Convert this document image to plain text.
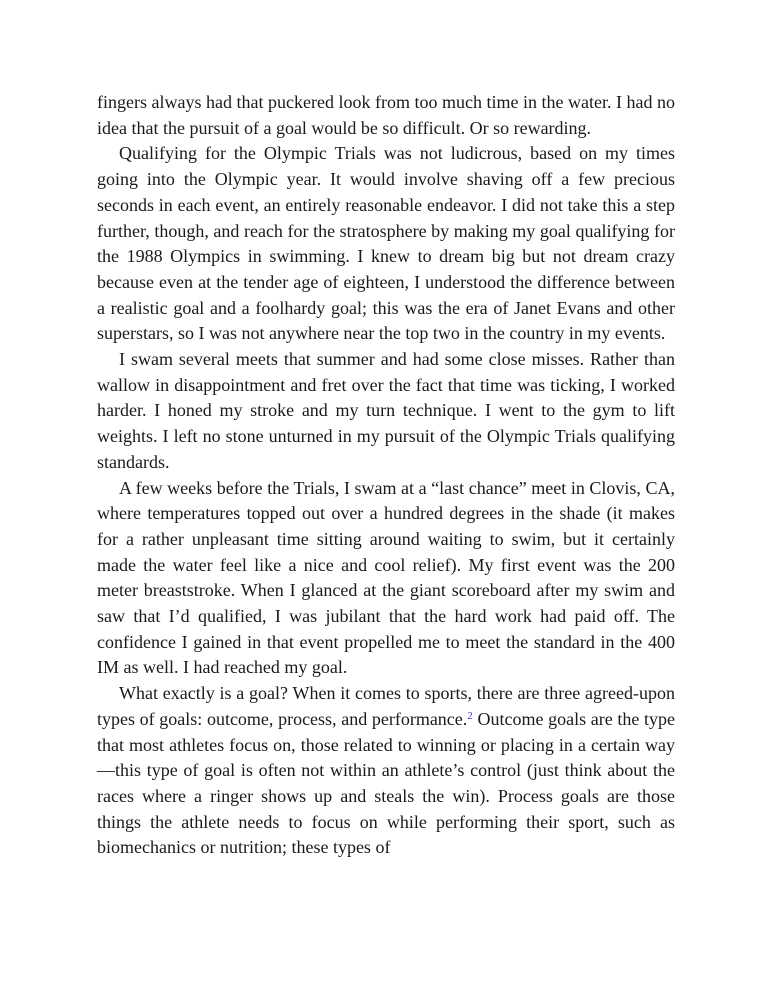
fingers always had that puckered look from too much time in the water. I had no idea that the pursuit of a goal would be so difficult. Or so rewarding.

Qualifying for the Olympic Trials was not ludicrous, based on my times going into the Olympic year. It would involve shaving off a few precious seconds in each event, an entirely reasonable endeavor. I did not take this a step further, though, and reach for the stratosphere by making my goal qualifying for the 1988 Olympics in swimming. I knew to dream big but not dream crazy because even at the tender age of eighteen, I understood the difference between a realistic goal and a foolhardy goal; this was the era of Janet Evans and other superstars, so I was not anywhere near the top two in the country in my events.

I swam several meets that summer and had some close misses. Rather than wallow in disappointment and fret over the fact that time was ticking, I worked harder. I honed my stroke and my turn technique. I went to the gym to lift weights. I left no stone unturned in my pursuit of the Olympic Trials qualifying standards.

A few weeks before the Trials, I swam at a “last chance” meet in Clovis, CA, where temperatures topped out over a hundred degrees in the shade (it makes for a rather unpleasant time sitting around waiting to swim, but it certainly made the water feel like a nice and cool relief). My first event was the 200 meter breaststroke. When I glanced at the giant scoreboard after my swim and saw that I’d qualified, I was jubilant that the hard work had paid off. The confidence I gained in that event propelled me to meet the standard in the 400 IM as well. I had reached my goal.

What exactly is a goal? When it comes to sports, there are three agreed-upon types of goals: outcome, process, and performance.$^2$ Outcome goals are the type that most athletes focus on, those related to winning or placing in a certain way—this type of goal is often not within an athlete’s control (just think about the races where a ringer shows up and steals the win). Process goals are those things the athlete needs to focus on while performing their sport, such as biomechanics or nutrition; these types of
